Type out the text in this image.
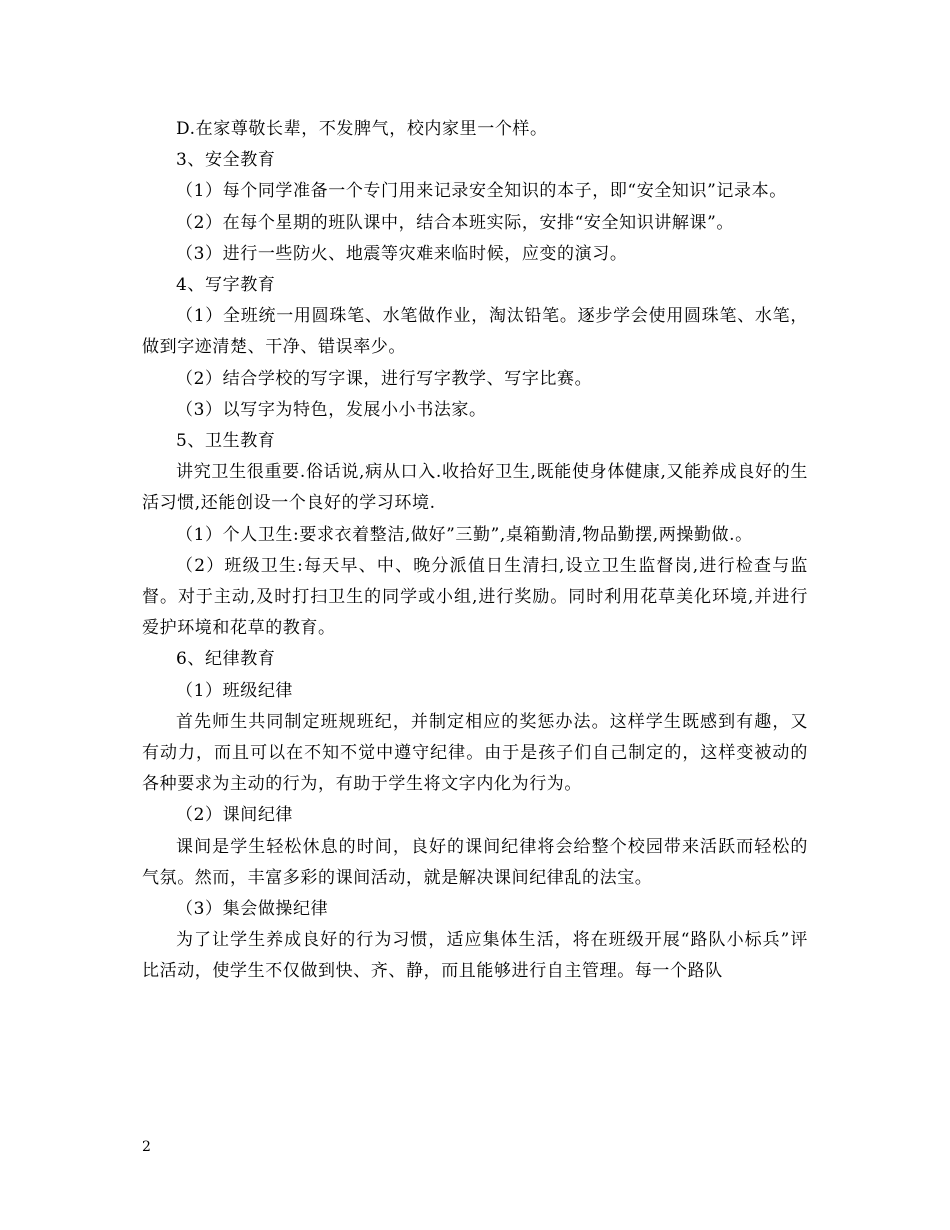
D.在家尊敬长辈，不发脾气，校内家里一个样。

3、安全教育

（1）每个同学准备一个专门用来记录安全知识的本子，即“安全知识”记录本。

（2）在每个星期的班队课中，结合本班实际，安排“安全知识讲解课”。

（3）进行一些防火、地震等灾难来临时候，应变的演习。

4、写字教育

（1）全班统一用圆珠笔、水笔做作业，淘汰铅笔。逐步学会使用圆珠笔、水笔，做到字迹清楚、干净、错误率少。

（2）结合学校的写字课，进行写字教学、写字比赛。

（3）以写字为特色，发展小小书法家。

5、卫生教育

讲究卫生很重要.俗话说,病从口入.收拾好卫生,既能使身体健康,又能养成良好的生活习惯,还能创设一个良好的学习环境.

（1）个人卫生:要求衣着整洁,做好”三勤”,桌箱勤清,物品勤摆,两操勤做.。

（2）班级卫生:每天早、中、晚分派值日生清扫,设立卫生监督岗,进行检查与监督。对于主动,及时打扫卫生的同学或小组,进行奖励。同时利用花草美化环境,并进行爱护环境和花草的教育。

6、纪律教育

（1）班级纪律

首先师生共同制定班规班纪，并制定相应的奖惩办法。这样学生既感到有趣，又有动力，而且可以在不知不觉中遵守纪律。由于是孩子们自己制定的，这样变被动的各种要求为主动的行为，有助于学生将文字内化为行为。

（2）课间纪律

课间是学生轻松休息的时间，良好的课间纪律将会给整个校园带来活跃而轻松的气氛。然而，丰富多彩的课间活动，就是解决课间纪律乱的法宝。

（3）集会做操纪律

为了让学生养成良好的行为习惯，适应集体生活，将在班级开展“路队小标兵”评比活动，使学生不仅做到快、齐、静，而且能够进行自主管理。每一个路队

2
